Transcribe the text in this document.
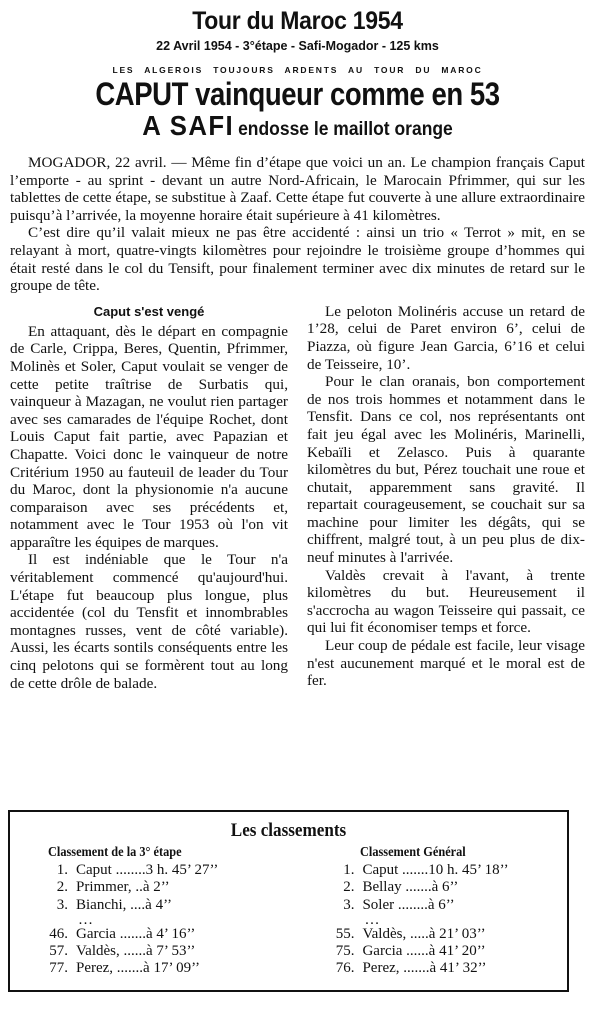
Tour du Maroc 1954
22 Avril 1954 - 3°étape - Safi-Mogador - 125 kms
LES ALGEROIS TOUJOURS ARDENTS AU TOUR DU MAROC
CAPUT vainqueur comme en 53
A SAFI endosse le maillot orange

MOGADOR, 22 avril. — Même fin d’étape que voici un an. Le champion français Caput l’emporte - au sprint - devant un autre Nord-Africain, le Marocain Pfrimmer, qui sur les tablettes de cette étape, se substitue à Zaaf. Cette étape fut couverte à une allure extraordinaire puisqu’à l’arrivée, la moyenne horaire était supérieure à 41 kilomètres.

C’est dire qu’il valait mieux ne pas être accidenté : ainsi un trio « Terrot » mit, en se relayant à mort, quatre-vingts kilomètres pour rejoindre le troisième groupe d’hommes qui était resté dans le col du Tensift, pour finalement terminer avec dix minutes de retard sur le groupe de tête.

Caput s'est vengé

En attaquant, dès le départ en compagnie de Carle, Crippa, Beres, Quentin, Pfrimmer, Molinès et Soler, Caput voulait se venger de cette petite traîtrise de Surbatis qui, vainqueur à Mazagan, ne voulut rien partager avec ses camarades de l'équipe Rochet, dont Louis Caput fait partie, avec Papazian et Chapatte. Voici donc le vainqueur de notre Critérium 1950 au fauteuil de leader du Tour du Maroc, dont la physionomie n'a aucune comparaison avec ses précédents et, notamment avec le Tour 1953 où l'on vit apparaître les équipes de marques.

Il est indéniable que le Tour n'a véritablement commencé qu'aujourd'hui. L'étape fut beaucoup plus longue, plus accidentée (col du Tensfit et innombrables montagnes russes, vent de côté variable). Aussi, les écarts sontils conséquents entre les cinq pelotons qui se formèrent tout au long de cette drôle de balade.

Le peloton Molinéris accuse un retard de 1’28, celui de Paret environ 6’, celui de Piazza, où figure Jean Garcia, 6’16 et celui de Teisseire, 10’.

Pour le clan oranais, bon comportement de nos trois hommes et notamment dans le Tensfit. Dans ce col, nos représentants ont fait jeu égal avec les Molinéris, Marinelli, Kebaïli et Zelasco. Puis à quarante kilomètres du but, Pérez touchait une roue et chutait, apparemment sans gravité. Il repartait courageusement, se couchait sur sa machine pour limiter les dégâts, qui se chiffrent, malgré tout, à un peu plus de dix-neuf minutes à l'arrivée.

Valdès crevait à l'avant, à trente kilomètres du but. Heureusement il s'accrocha au wagon Teisseire qui passait, ce qui lui fit économiser temps et force.

Leur coup de pédale est facile, leur visage n'est aucunement marqué et le moral est de fer.

Les classements
Classement de la 3° étape
1. Caput ........3 h. 45’ 27’’
2. Primmer, ..à 2’’
3. Bianchi, ....à 4’’
…
46. Garcia .......à 4’ 16’’
57. Valdès, ......à 7’ 53’’
77. Perez, .......à 17’ 09’’
Classement Général
1. Caput .......10 h. 45’ 18’’
2. Bellay .......à 6’’
3. Soler ........à 6’’
…
55. Valdès, .....à 21’ 03’’
75. Garcia ......à 41’ 20’’
76. Perez, .......à 41’ 32’’
